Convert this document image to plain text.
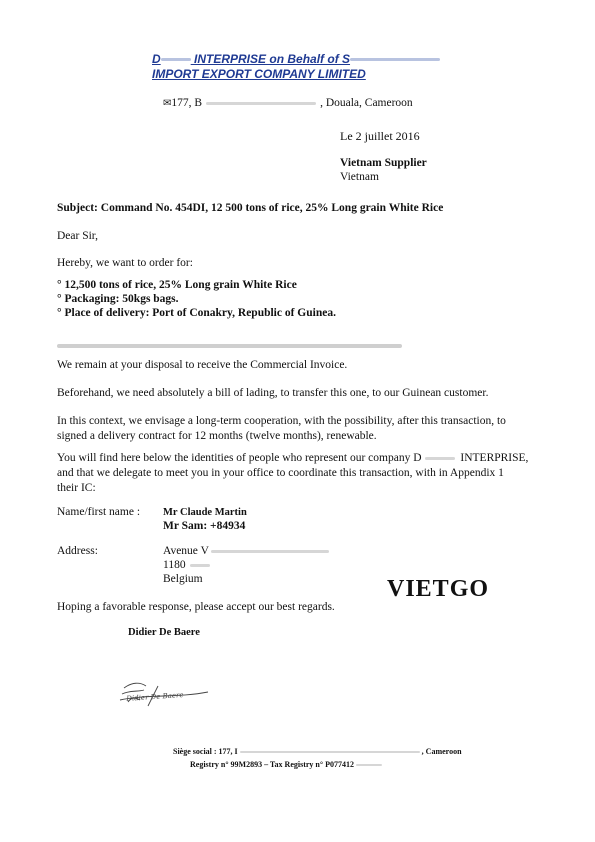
D	INTERPRISE on Behalf of S
IMPORT EXPORT COMPANY LIMITED
✉177, B	, Douala, Cameroon
Le 2 juillet 2016
Vietnam Supplier
Vietnam
Subject: Command No. 454DI, 12 500 tons of rice, 25% Long grain White Rice
Dear Sir,
Hereby, we want to order for:
° 12,500 tons of rice, 25% Long grain White Rice
° Packaging: 50kgs bags.
° Place of delivery: Port of Conakry, Republic of Guinea.
We remain at your disposal to receive the Commercial Invoice.
Beforehand, we need absolutely a bill of lading, to transfer this one, to our Guinean customer.
In this context, we envisage a long-term cooperation, with the possibility, after this transaction, to
signed a delivery contract for 12 months (twelve months), renewable.
You will find here below the identities of people who represent our company D	INTERPRISE,
and that we delegate to meet you in your office to coordinate this transaction, with in Appendix 1
their IC:
Name/first name : Mr Claude Martin
Mr Sam: +84934
Address:	Avenue V
1180
Belgium	VIETGO
Hoping a favorable response, please accept our best regards.
Didier De Baere
Didier De Baere
Siège social : 177, I	, Cameroon
Registry n° 99M2893 – Tax Registry n° P077412
